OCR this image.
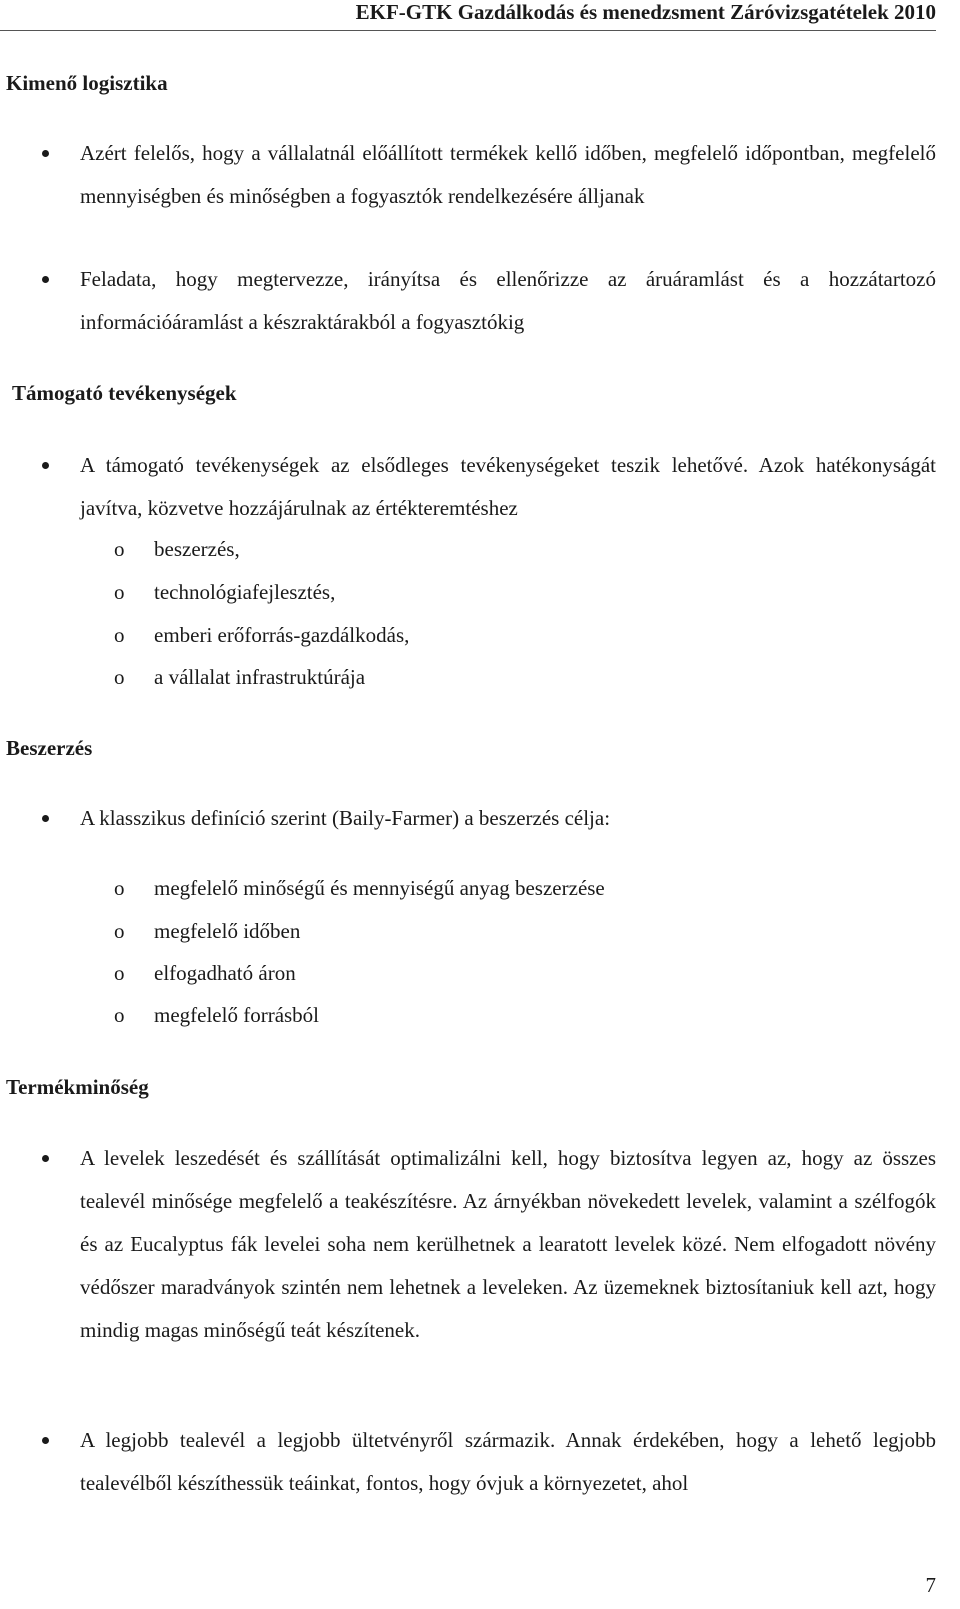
EKF-GTK Gazdálkodás és menedzsment Záróvizsgatételek 2010
Kimenő logisztika

Azért felelős, hogy a vállalatnál előállított termékek kellő időben, megfelelő időpontban, megfelelő mennyiségben és minőségben a fogyasztók rendelkezésére álljanak

Feladata, hogy megtervezze, irányítsa és ellenőrizze az áruáramlást és a hozzátartozó információáramlást a készraktárakból a fogyasztókig

Támogató tevékenységek

A támogató tevékenységek az elsődleges tevékenységeket teszik lehetővé. Azok hatékonyságát javítva, közvetve hozzájárulnak az értékteremtéshez

o beszerzés,
o technológiafejlesztés,
o emberi erőforrás-gazdálkodás,
o a vállalat infrastruktúrája
Beszerzés

A klasszikus definíció szerint (Baily-Farmer) a beszerzés célja:

o megfelelő minőségű és mennyiségű anyag beszerzése
o megfelelő időben
o elfogadható áron
o megfelelő forrásból
Termékminőség

A levelek leszedését és szállítását optimalizálni kell, hogy biztosítva legyen az, hogy az összes tealevél minősége megfelelő a teakészítésre. Az árnyékban növekedett levelek, valamint a szélfogók és az Eucalyptus fák levelei soha nem kerülhetnek a learatott levelek közé. Nem elfogadott növény védőszer maradványok szintén nem lehetnek a leveleken. Az üzemeknek biztosítaniuk kell azt, hogy mindig magas minőségű teát készítenek.

A legjobb tealevél a legjobb ültetvényről származik. Annak érdekében, hogy a lehető legjobb tealevélből készíthessük teáinkat, fontos, hogy óvjuk a környezetet, ahol

7
